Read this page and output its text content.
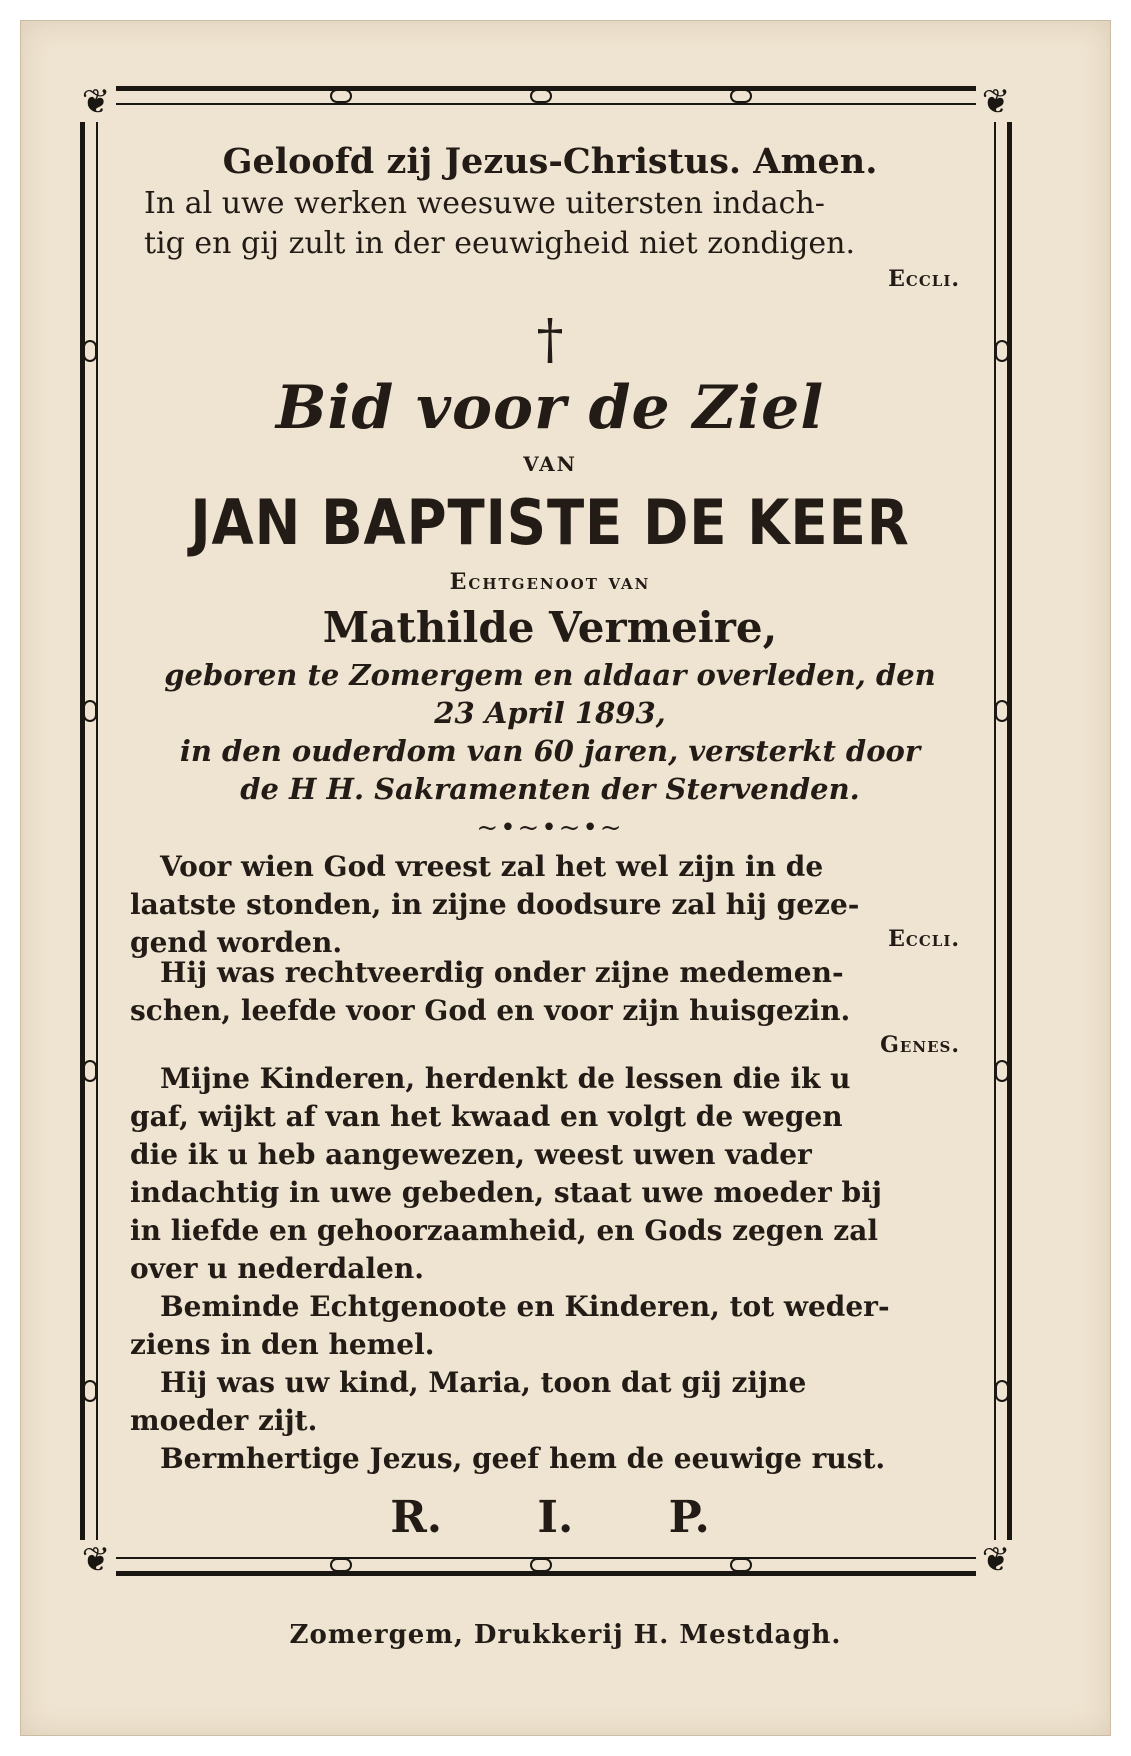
❦	❦
❦	❦

Geloofd zij Jezus-Christus. Amen.

In al uwe werken weesuwe uitersten indach-

tig en gij zult in der eeuwigheid niet zondigen.

Eccli.

†
Bid voor de Ziel
VAN
JAN BAPTISTE DE KEER
Echtgenoot van
Mathilde Vermeire,
geboren te Zomergem en aldaar overleden, den
23 April 1893,
in den ouderdom van 60 jaren, versterkt door
de H H. Sakramenten der Stervenden.
~•~•~•~

Voor wien God vreest zal het wel zijn in de

laatste stonden, in zijne doodsure zal hij geze-

gend worden.	Eccli.

Hij was rechtveerdig onder zijne medemen-

schen, leefde voor God en voor zijn huisgezin.

Genes.

Mijne Kinderen, herdenkt de lessen die ik u

gaf, wijkt af van het kwaad en volgt de wegen

die ik u heb aangewezen, weest uwen vader

indachtig in uwe gebeden, staat uwe moeder bij

in liefde en gehoorzaamheid, en Gods zegen zal

over u nederdalen.

Beminde Echtgenoote en Kinderen, tot weder-

ziens in den hemel.

Hij was uw kind, Maria, toon dat gij zijne

moeder zijt.

Bermhertige Jezus, geef hem de eeuwige rust.

R. I. P.
Zomergem, Drukkerij H. Mestdagh.
